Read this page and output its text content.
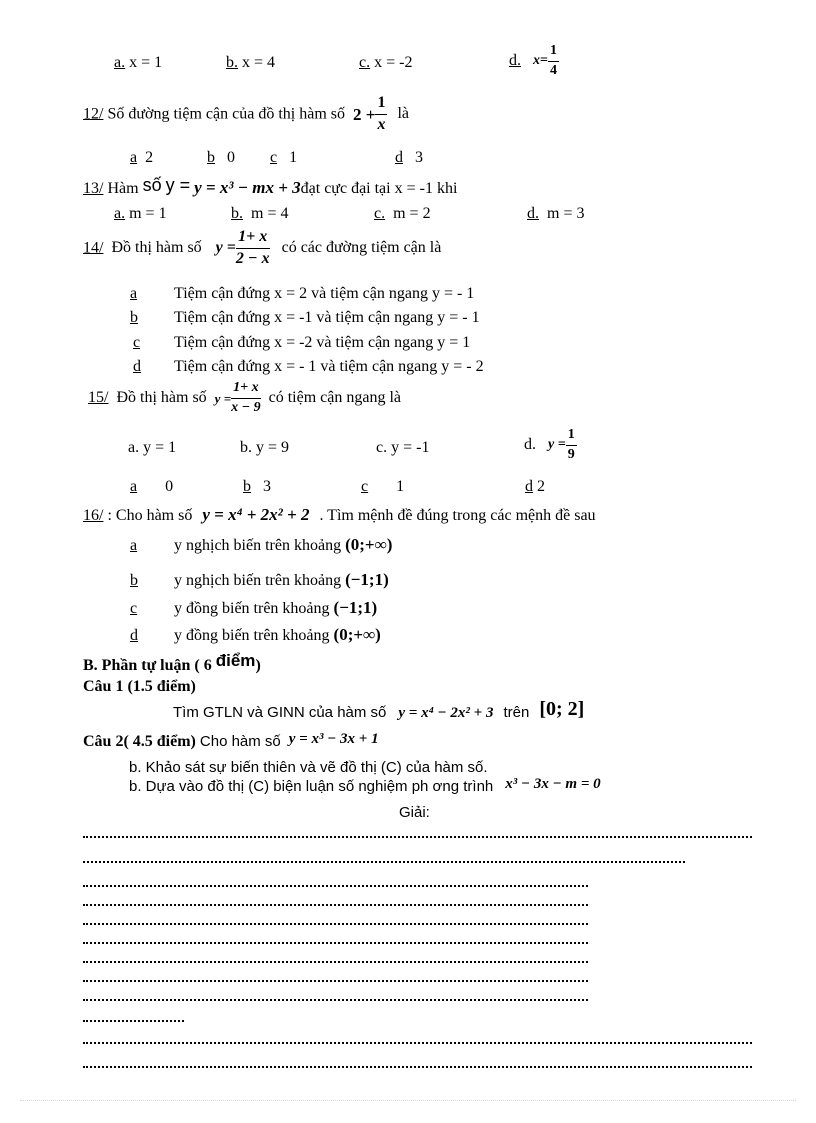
a. x = 1	b. x = 4	c. x = -2	d. $x= \frac{1}{4}$
12/ Số đường tiệm cận của đồ thị hàm số $2 + \frac{1}{x}$ là
a 2	b 0 c 1	d 3
13/ Hàm số y = y = x³ − mx + 3đạt cực đại tại x = -1 khi
a. m = 1	b. m = 4	c. m = 2	d. m = 3
14/ Đồ thị hàm số $y = \frac{1+ x}{2 - x}$ có các đường tiệm cận là
a Tiệm cận đứng x = 2 và tiệm cận ngang y = - 1
b Tiệm cận đứng x = -1 và tiệm cận ngang y = - 1
c Tiệm cận đứng x = -2 và tiệm cận ngang y = 1
d Tiệm cận đứng x = - 1 và tiệm cận ngang y = - 2
15/ Đồ thị hàm số $y = \frac{1+ x}{x - 9}$ có tiệm cận ngang là
a. y = 1	b. y = 9	c. y = -1	d. $y = \frac{1}{9}$
a 0	b 3	c 1	d 2
16/ : Cho hàm số y = x⁴ + 2x² + 2 . Tìm mệnh đề đúng trong các mệnh đề sau
a y nghịch biến trên khoảng (0;+∞)
b y nghịch biến trên khoảng (−1;1)
c y đồng biến trên khoảng (−1;1)
d y đồng biến trên khoảng (0;+∞)
B. Phần tự luận ( 6 điểm)
Câu 1 (1.5 điểm)
Tìm GTLN và GINN của hàm số y = x⁴ − 2x² + 3 trên [0; 2]
Câu 2( 4.5 điểm) Cho hàm số y = x³ − 3x + 1
b. Khảo sát sự biến thiên và vẽ đồ thị (C) của hàm số.
b. Dựa vào đồ thị (C) biện luận số nghiệm ph ơng trình x³ − 3x − m = 0
Giải:
